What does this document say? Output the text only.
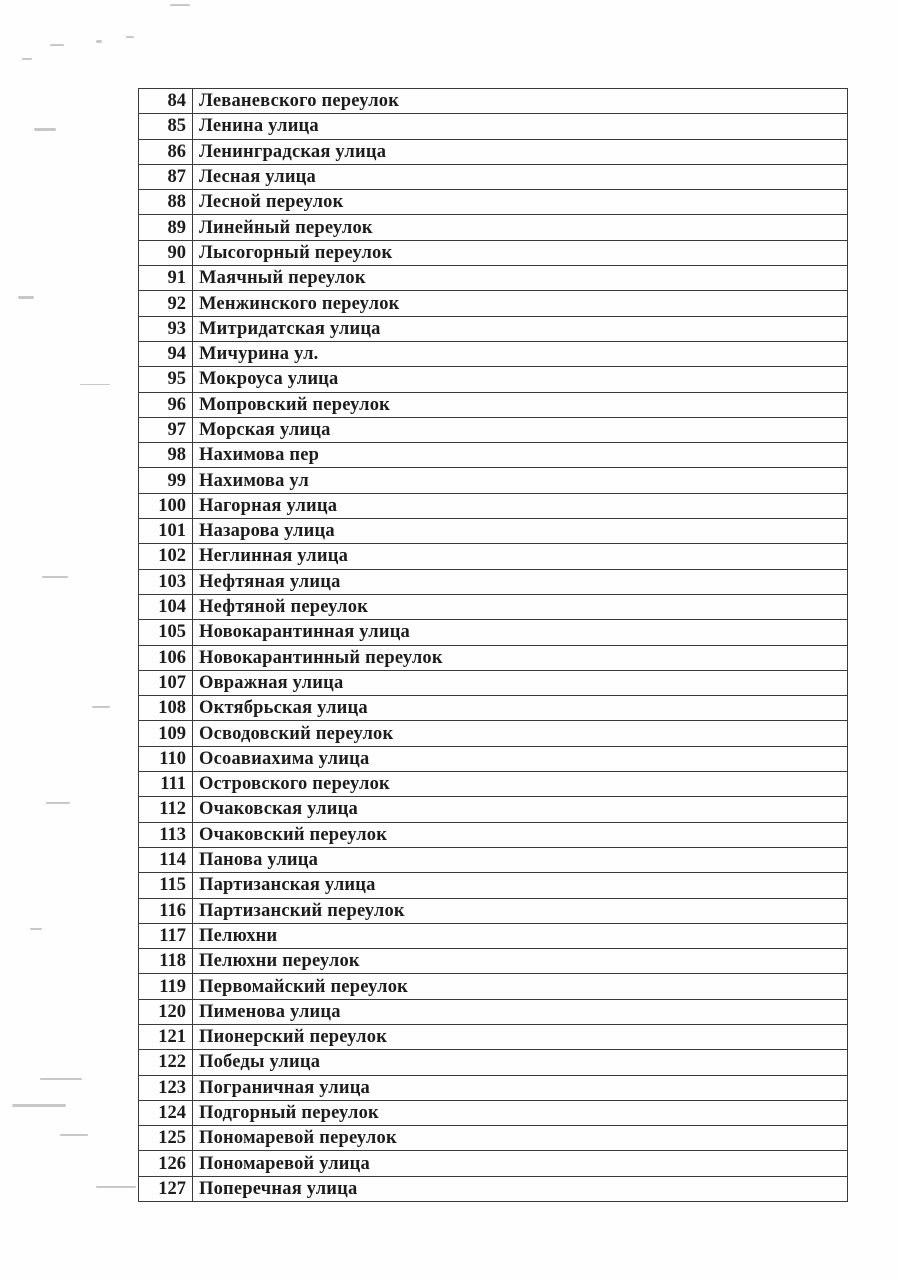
84	Леваневского переулок
85	Ленина улица
86	Ленинградская улица
87	Лесная улица
88	Лесной переулок
89	Линейный переулок
90	Лысогорный переулок
91	Маячный переулок
92	Менжинского переулок
93	Митридатская улица
94	Мичурина ул.
95	Мокроуса улица
96	Мопровский переулок
97	Морская улица
98	Нахимова пер
99	Нахимова ул
100	Нагорная улица
101	Назарова улица
102	Неглинная улица
103	Нефтяная улица
104	Нефтяной переулок
105	Новокарантинная улица
106	Новокарантинный переулок
107	Овражная улица
108	Октябрьская улица
109	Осводовский переулок
110	Осоавиахима улица
111	Островского переулок
112	Очаковская улица
113	Очаковский переулок
114	Панова улица
115	Партизанская улица
116	Партизанский переулок
117	Пелюхни
118	Пелюхни переулок
119	Первомайский переулок
120	Пименова улица
121	Пионерский переулок
122	Победы улица
123	Пограничная улица
124	Подгорный переулок
125	Пономаревой переулок
126	Пономаревой улица
127	Поперечная улица
